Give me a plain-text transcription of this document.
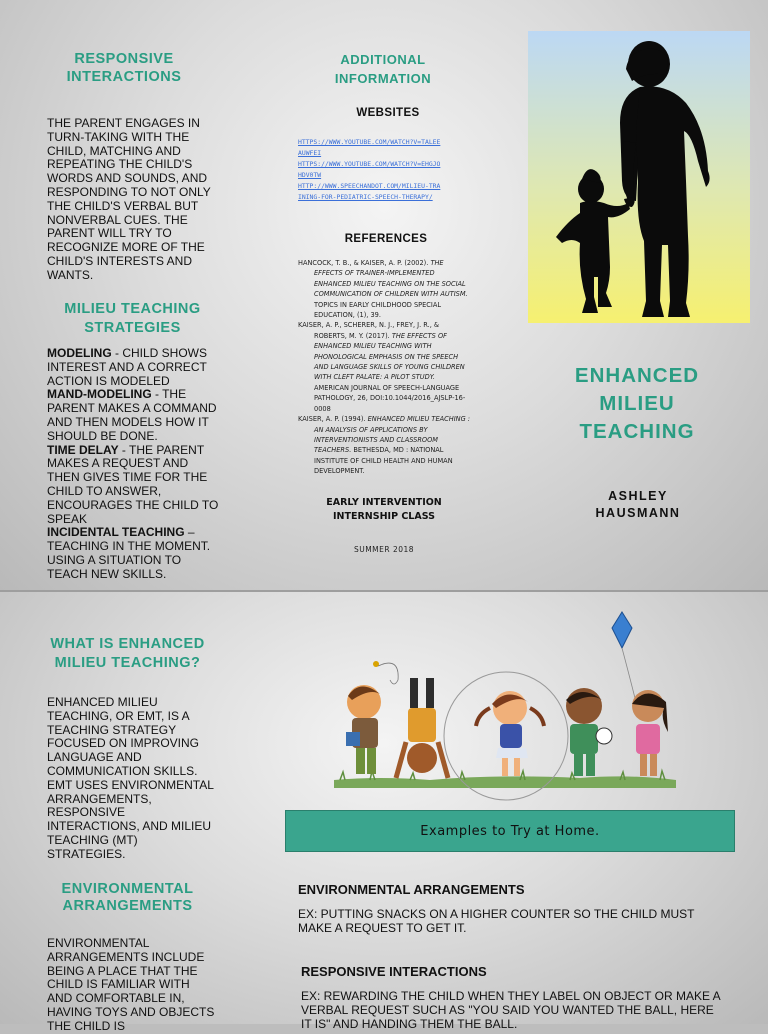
RESPONSIVE INTERACTIONS

THE PARENT ENGAGES IN TURN-TAKING WITH THE CHILD, MATCHING AND REPEATING THE CHILD'S WORDS AND SOUNDS, AND RESPONDING TO NOT ONLY THE CHILD'S VERBAL BUT NONVERBAL CUES. THE PARENT WILL TRY TO RECOGNIZE MORE OF THE CHILD'S INTERESTS AND WANTS.

MILIEU TEACHING STRATEGIES
MODELING - CHILD SHOWS INTEREST AND A CORRECT ACTION IS MODELED
MAND-MODELING - THE PARENT MAKES A COMMAND AND THEN MODELS HOW IT SHOULD BE DONE.
TIME DELAY - THE PARENT MAKES A REQUEST AND THEN GIVES TIME FOR THE CHILD TO ANSWER, ENCOURAGES THE CHILD TO SPEAK
INCIDENTAL TEACHING – TEACHING IN THE MOMENT. USING A SITUATION TO TEACH NEW SKILLS.
ADDITIONAL INFORMATION
WEBSITES
HTTPS://WWW.YOUTUBE.COM/WATCH?V=TALEEAUWFEI
HTTPS://WWW.YOUTUBE.COM/WATCH?V=EHGJOHDV0TW
HTTP://WWW.SPEECHANDOT.COM/MILIEU-TRAINING-FOR-PEDIATRIC-SPEECH-THERAPY/
REFERENCES

HANCOCK, T. B., & KAISER, A. P. (2002). THE EFFECTS OF TRAINER-IMPLEMENTED ENHANCED MILIEU TEACHING ON THE SOCIAL COMMUNICATION OF CHILDREN WITH AUTISM. TOPICS IN EARLY CHILDHOOD SPECIAL EDUCATION, (1), 39.

KAISER, A. P., SCHERER, N. J., FREY, J. R., & ROBERTS, M. Y. (2017). THE EFFECTS OF ENHANCED MILIEU TEACHING WITH PHONOLOGICAL EMPHASIS ON THE SPEECH AND LANGUAGE SKILLS OF YOUNG CHILDREN WITH CLEFT PALATE: A PILOT STUDY. AMERICAN JOURNAL OF SPEECH-LANGUAGE PATHOLOGY, 26, DOI:10.1044/2016_AJSLP-16-0008

KAISER, A. P. (1994). ENHANCED MILIEU TEACHING : AN ANALYSIS OF APPLICATIONS BY INTERVENTIONISTS AND CLASSROOM TEACHERS. BETHESDA, MD : NATIONAL INSTITUTE OF CHILD HEALTH AND HUMAN DEVELOPMENT.

EARLY INTERVENTION INTERNSHIP CLASS
SUMMER 2018
ENHANCED MILIEU TEACHING
ASHLEY HAUSMANN
WHAT IS ENHANCED MILIEU TEACHING?

ENHANCED MILIEU TEACHING, OR EMT, IS A TEACHING STRATEGY FOCUSED ON IMPROVING LANGUAGE AND COMMUNICATION SKILLS. EMT USES ENVIRONMENTAL ARRANGEMENTS, RESPONSIVE INTERACTIONS, AND MILIEU TEACHING (MT) STRATEGIES.

ENVIRONMENTAL ARRANGEMENTS

ENVIRONMENTAL ARRANGEMENTS INCLUDE BEING A PLACE THAT THE CHILD IS FAMILIAR WITH AND COMFORTABLE IN, HAVING TOYS AND OBJECTS THE CHILD IS

Examples to Try at Home.
ENVIRONMENTAL ARRANGEMENTS
EX: PUTTING SNACKS ON A HIGHER COUNTER SO THE CHILD MUST MAKE A REQUEST TO GET IT.
RESPONSIVE INTERACTIONS
EX: REWARDING THE CHILD WHEN THEY LABEL ON OBJECT OR MAKE A VERBAL REQUEST SUCH AS "YOU SAID YOU WANTED THE BALL, HERE IT IS" AND HANDING THEM THE BALL.
